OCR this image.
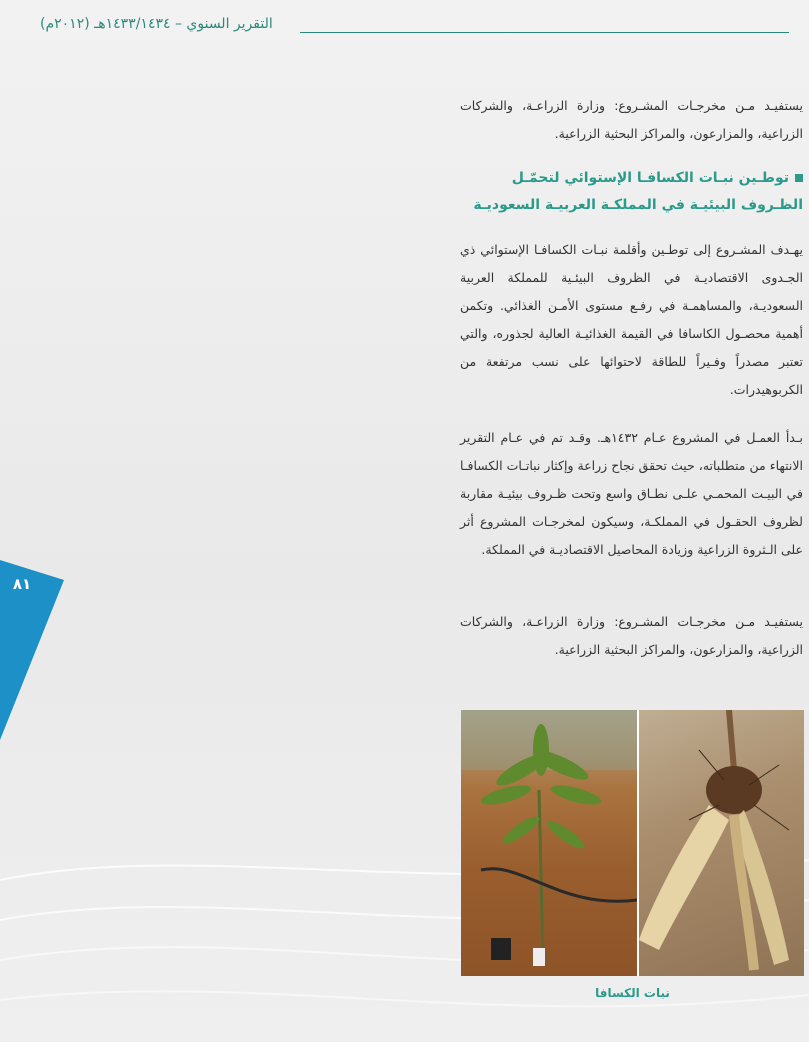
التقرير السنوي – ١٤٣٣/١٤٣٤هـ (٢٠١٢م)

يستفيـد مـن مخرجـات المشـروع: وزارة الزراعـة، والشركات الزراعية، والمزارعون، والمراكز البحثية الزراعية.

توطـين نبـات الكسافـا الإستوائي لتحمّـل الظـروف البيئيـة في المملكـة العربيـة السعوديـة

يهـدف المشـروع إلى توطـين وأقلمة نبـات الكسافـا الإستوائي ذي الجـدوى الاقتصاديـة في الظروف البيئـية للمملكة العربية السعوديـة، والمساهمـة في رفـع مستوى الأمـن الغذائي. وتكمن أهمية محصـول الكاسافا في القيمة الغذائيـة العالية لجذوره، والتي تعتبر مصدراً وفـيراً للطاقة لاحتوائها على نسب مرتفعة من الكربوهيدرات.

بـدأ العمـل في المشروع عـام ١٤٣٢هـ. وقـد تم في عـام التقرير الانتهاء من متطلباته، حيث تحقق نجاح زراعة وإكثار نباتـات الكسافـا في البيـت المحمـي علـى نطـاق واسع وتحت ظـروف بيئيـة مقاربة لظروف الحقـول في المملكـة، وسيكون لمخرجـات المشروع أثر على الـثروة الزراعية وزيادة المحاصيل الاقتصاديـة في المملكة.

يستفيـد مـن مخرجـات المشـروع: وزارة الزراعـة، والشركات الزراعية، والمزارعون، والمراكز البحثية الزراعية.

نبات الكسافا
٨١
